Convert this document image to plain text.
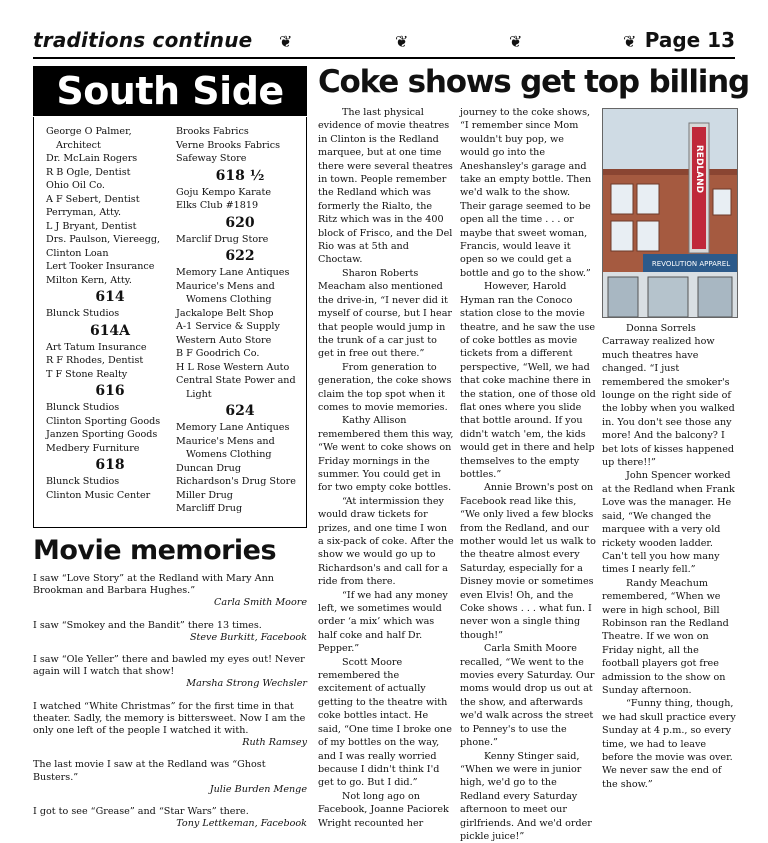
traditions continue ❦	❦	❦	❦ Page 13
South Side
George O Palmer,
Architect
Dr. McLain Rogers
R B Ogle, Dentist
Ohio Oil Co.
A F Sebert, Dentist
Perryman, Atty.
L J Bryant, Dentist
Drs. Paulson, Viereegg,
Clinton Loan
Lert Tooker Insurance
Milton Kern, Atty.
614
Blunck Studios
614A
Art Tatum Insurance
R F Rhodes, Dentist
T F Stone Realty
616
Blunck Studios
Clinton Sporting Goods
Janzen Sporting Goods
Medbery Furniture
618
Blunck Studios
Clinton Music Center
Brooks Fabrics
Verne Brooks Fabrics
Safeway Store
618 ½
Goju Kempo Karate
Elks Club #1819
620
Marclif Drug Store
622
Memory Lane Antiques
Maurice's Mens and
Womens Clothing
Jackalope Belt Shop
A-1 Service & Supply
Western Auto Store
B F Goodrich Co.
H L Rose Western Auto
Central State Power and
Light
624
Memory Lane Antiques
Maurice's Mens and
Womens Clothing
Duncan Drug
Richardson's Drug Store
Miller Drug
Marcliff Drug
Movie memories
I saw “Love Story” at the Redland with Mary Ann Brookman and Barbara Hughes.”
Carla Smith Moore
I saw “Smokey and the Bandit” there 13 times.
Steve Burkitt, Facebook
I saw “Ole Yeller” there and bawled my eyes out! Never again will I watch that show!
Marsha Strong Wechsler
I watched “White Christmas” for the first time in that theater. Sadly, the memory is bittersweet. Now I am the only one left of the people I watched it with.
Ruth Ramsey
The last movie I saw at the Redland was “Ghost Busters.”
Julie Burden Menge
I got to see “Grease” and “Star Wars” there.
Tony Lettkeman, Facebook
Coke shows get top billing

The last physical evidence of movie theatres in Clinton is the Redland marquee, but at one time there were several theatres in town. People remember the Redland which was formerly the Rialto, the Ritz which was in the 400 block of Frisco, and the Del Rio was at 5th and Choctaw.

Sharon Roberts Meacham also mentioned the drive-in, “I never did it myself of course, but I hear that people would jump in the trunk of a car just to get in free out there.”

From generation to generation, the coke shows claim the top spot when it comes to movie memories.

Kathy Allison remembered them this way, “We went to coke shows on Friday mornings in the summer. You could get in for two empty coke bottles.

“At intermission they would draw tickets for prizes, and one time I won a six-pack of coke. After the show we would go up to Richardson's and call for a ride from there.

“If we had any money left, we sometimes would order ‘a mix’ which was half coke and half Dr. Pepper.”

Scott Moore remembered the excitement of actually getting to the theatre with coke bottles intact. He said, “One time I broke one of my bottles on the way, and I was really worried because I didn't think I'd get to go. But I did.”

Not long ago on Facebook, Joanne Paciorek Wright recounted her

journey to the coke shows, “I remember since Mom wouldn't buy pop, we would go into the Aneshansley's garage and take an empty bottle. Then we'd walk to the show. Their garage seemed to be open all the time . . . or maybe that sweet woman, Francis, would leave it open so we could get a bottle and go to the show.”

However, Harold Hyman ran the Conoco station close to the movie theatre, and he saw the use of coke bottles as movie tickets from a different perspective, “Well, we had that coke machine there in the station, one of those old flat ones where you slide that bottle around. If you didn't watch 'em, the kids would get in there and help themselves to the empty bottles.”

Annie Brown's post on Facebook read like this, “We only lived a few blocks from the Redland, and our mother would let us walk to the theatre almost every Saturday, especially for a Disney movie or sometimes even Elvis! Oh, and the Coke shows . . . what fun. I never won a single thing though!”

Carla Smith Moore recalled, “We went to the movies every Saturday. Our moms would drop us out at the show, and afterwards we'd walk across the street to Penney's to use the phone.”

Kenny Stinger said, “When we were in junior high, we'd go to the Redland every Saturday afternoon to meet our girlfriends. And we'd order pickle juice!”

Donna Sorrels Carraway realized how much theatres have changed. “I just remembered the smoker's lounge on the right side of the lobby when you walked in. You don't see those any more! And the balcony? I bet lots of kisses happened up there!!”

John Spencer worked at the Redland when Frank Love was the manager. He said, “We changed the marquee with a very old rickety wooden ladder. Can't tell you how many times I nearly fell.”

Randy Meachum remembered, “When we were in high school, Bill Robinson ran the Redland Theatre. If we won on Friday night, all the football players got free admission to the show on Sunday afternoon.

“Funny thing, though, we had skull practice every Sunday at 4 p.m., so every time, we had to leave before the movie was over. We never saw the end of the show.”

REDLAND
REVOLUTION APPAREL
